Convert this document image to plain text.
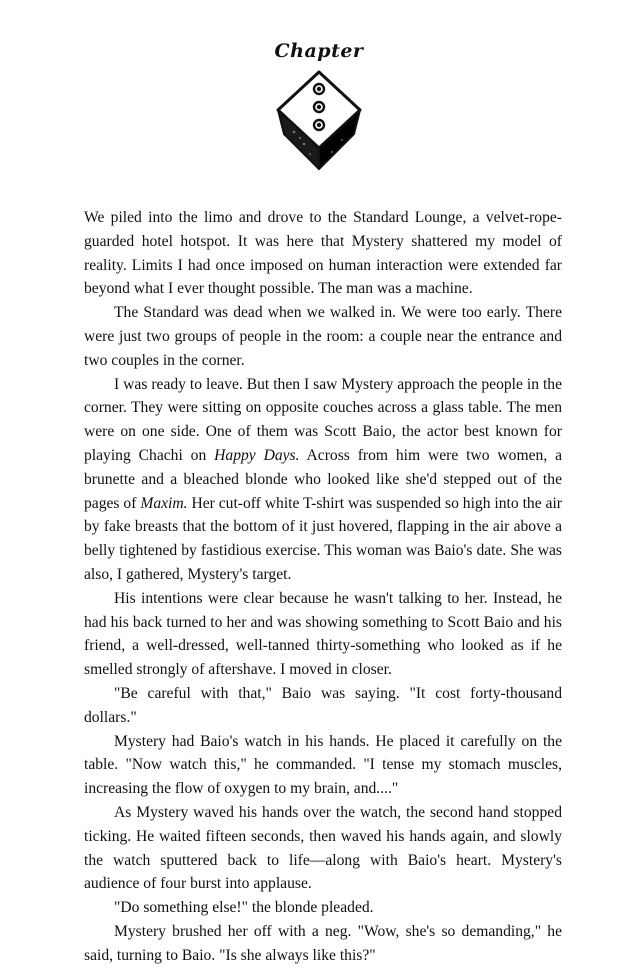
Chapter

We piled into the limo and drove to the Standard Lounge, a velvet-rope-guarded hotel hotspot. It was here that Mystery shattered my model of reality. Limits I had once imposed on human interaction were extended far beyond what I ever thought possible. The man was a machine.

The Standard was dead when we walked in. We were too early. There were just two groups of people in the room: a couple near the entrance and two couples in the corner.

I was ready to leave. But then I saw Mystery approach the people in the corner. They were sitting on opposite couches across a glass table. The men were on one side. One of them was Scott Baio, the actor best known for playing Chachi on Happy Days. Across from him were two women, a brunette and a bleached blonde who looked like she'd stepped out of the pages of Maxim. Her cut-off white T-shirt was suspended so high into the air by fake breasts that the bottom of it just hovered, flapping in the air above a belly tightened by fastidious exercise. This woman was Baio's date. She was also, I gathered, Mystery's target.

His intentions were clear because he wasn't talking to her. Instead, he had his back turned to her and was showing something to Scott Baio and his friend, a well-dressed, well-tanned thirty-something who looked as if he smelled strongly of aftershave. I moved in closer.

"Be careful with that," Baio was saying. "It cost forty-thousand dollars."

Mystery had Baio's watch in his hands. He placed it carefully on the table. "Now watch this," he commanded. "I tense my stomach muscles, increasing the flow of oxygen to my brain, and...."

As Mystery waved his hands over the watch, the second hand stopped ticking. He waited fifteen seconds, then waved his hands again, and slowly the watch sputtered back to life—along with Baio's heart. Mystery's audience of four burst into applause.

"Do something else!" the blonde pleaded.

Mystery brushed her off with a neg. "Wow, she's so demanding," he said, turning to Baio. "Is she always like this?"
